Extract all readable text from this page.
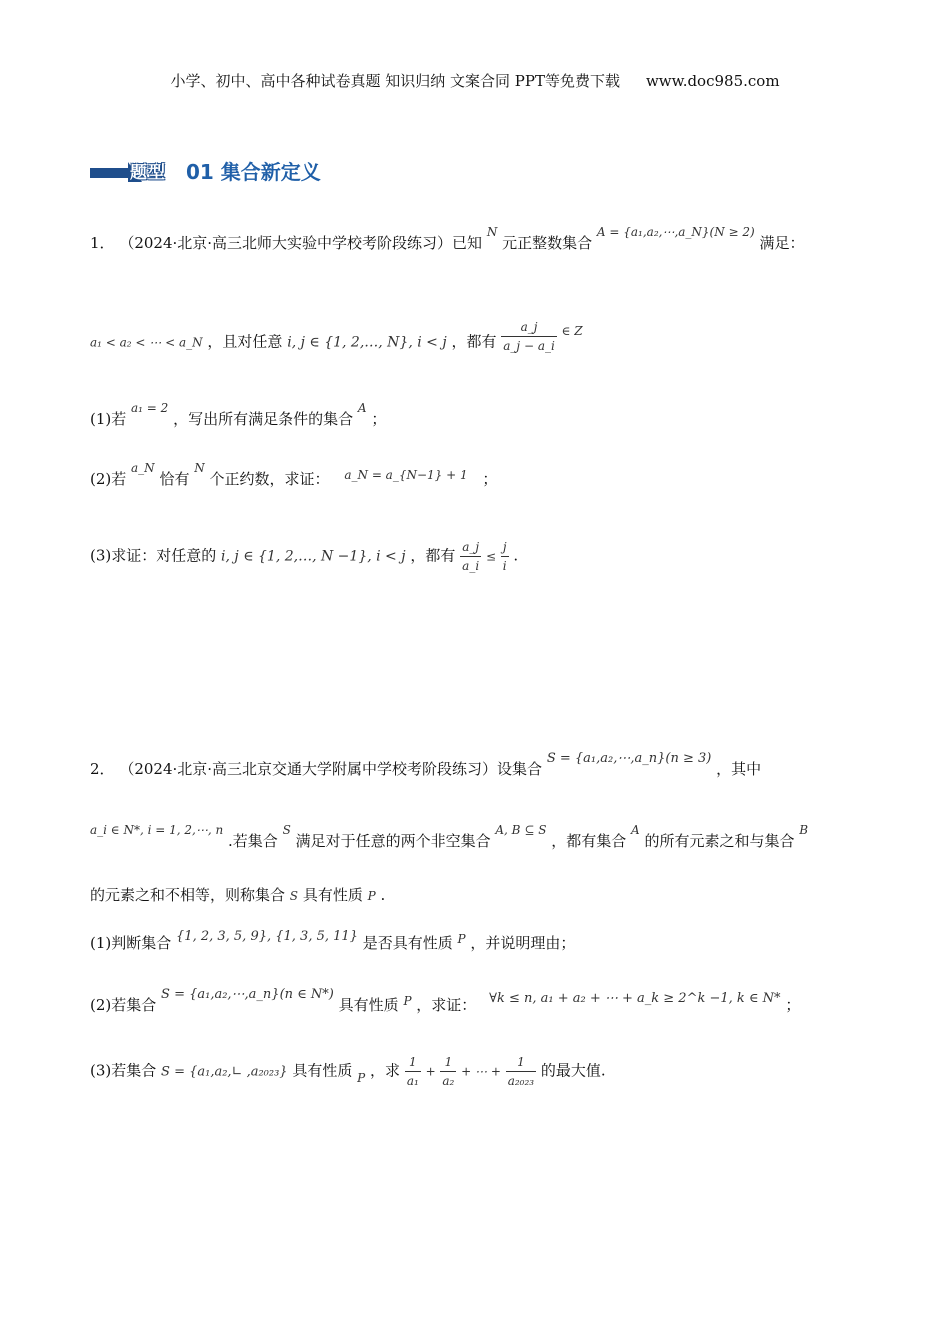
小学、初中、高中各种试卷真题 知识归纳 文案合同 PPT等免费下载 www.doc985.com
题型 01 集合新定义
1． （2024·北京·高三北师大实验中学校考阶段练习）已知 $^N$ 元正整数集合 $^{A = \{a_1,a_2,\cdots,a\_N\}(N \ge 2)}$ 满足：
a₁ < a₂ < ⋯ < a_N ，且对任意 i, j ∈ {1, 2,…, N}, i < j ，都有 $\frac{a\_j}{a\_j - a\_i} ^{\in Z}$
(1)若 $^{a_1 = 2}$ ，写出所有满足条件的集合 $^A$ ；
(2)若 $^{a\_N}$ 恰有 $^N$ 个正约数，求证： $^{a\_N = a\_\{N-1\} + 1}$ ；
(3)求证：对任意的 i, j ∈ {1, 2,…, N −1}, i < j ，都有 $\frac{a\_j}{a\_i} \le \frac{j}{i}$ .
2． （2024·北京·高三北京交通大学附属中学校考阶段练习）设集合 S = {a₁,a₂,⋯,a_n}(n ≥ 3) ，其中
$^{a\_i \in N*, i = 1, 2,\cdots, n}$ .若集合 $^S$ 满足对于任意的两个非空集合 $^{A, B ⊆ S}$ ，都有集合 $^A$ 的所有元素之和与集合 $^B$
的元素之和不相等，则称集合 S 具有性质 P .
(1)判断集合 {1, 2, 3, 5, 9}, {1, 3, 5, 11} 是否具有性质 $^P$ ，并说明理由；
(2)若集合 S = {a₁,a₂,⋯,a_n}(n ∈ N*) 具有性质 $^P$ ，求证： ∀k ≤ n, a₁ + a₂ + ⋯ + a_k ≥ 2^k −1, k ∈ N* ；
(3)若集合 S = {a₁,a₂,∟ ,a₂₀₂₃} 具有性质 $_P$ ，求 $\frac{1}{\text{a₁}} + \frac{1}{\text{a₂}}$ + ⋯ + $\frac{1}{\text{a₂₀₂₃}}$ 的最大值.
